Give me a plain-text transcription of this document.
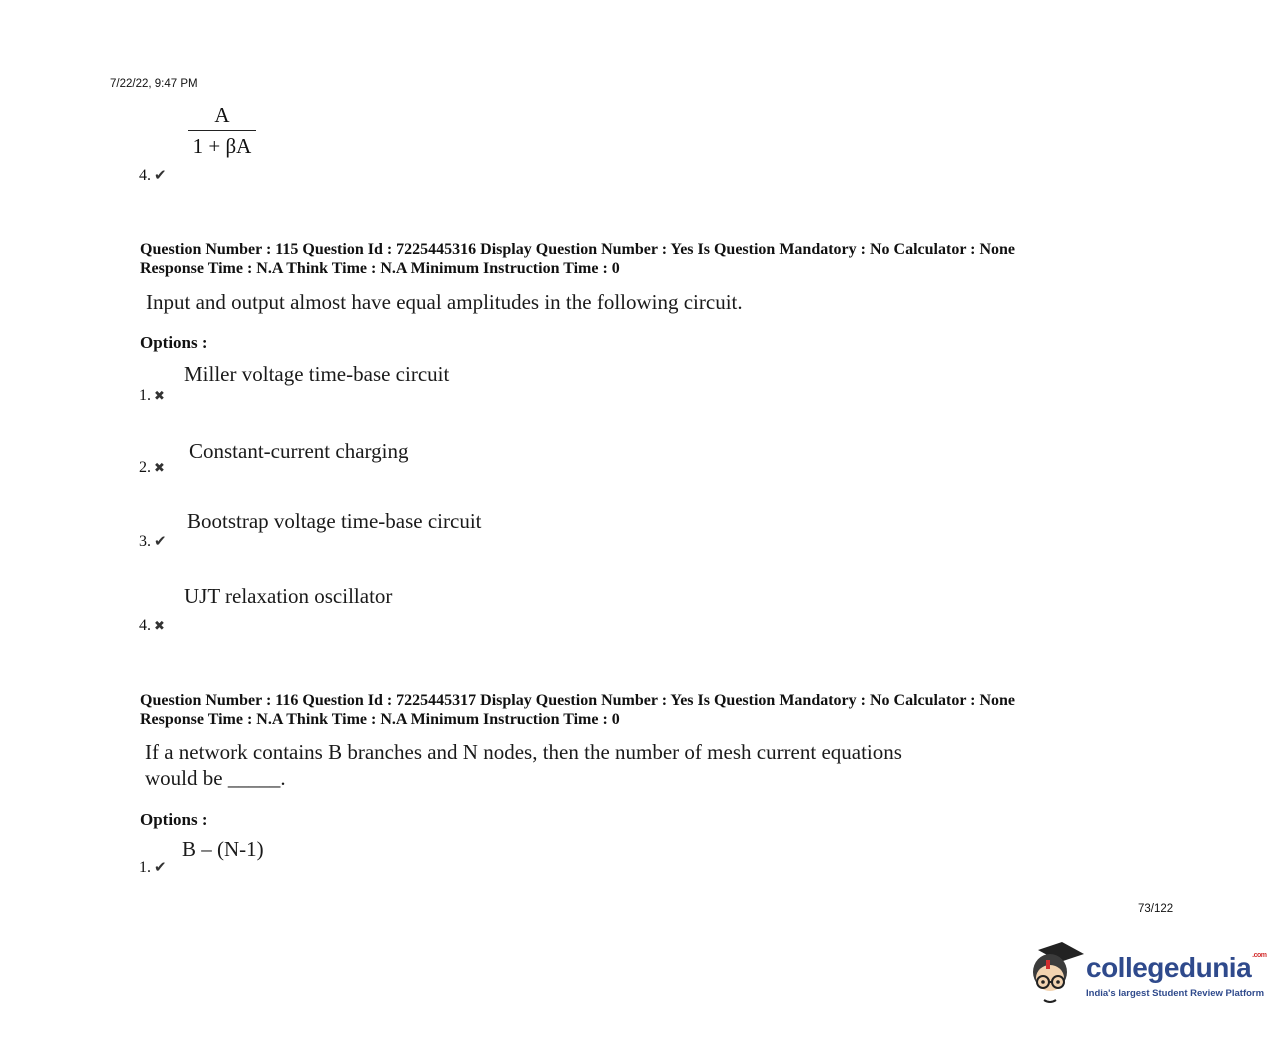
7/22/22, 9:47 PM
A
1 + βA
4. ✔
Question Number : 115 Question Id : 7225445316 Display Question Number : Yes Is Question Mandatory : No Calculator : None
Response Time : N.A Think Time : N.A Minimum Instruction Time : 0
Input and output almost have equal amplitudes in the following circuit.
Options :
Miller voltage time-base circuit
1. ✖
Constant-current charging
2. ✖
Bootstrap voltage time-base circuit
3. ✔
UJT relaxation oscillator
4. ✖
Question Number : 116 Question Id : 7225445317 Display Question Number : Yes Is Question Mandatory : No Calculator : None
Response Time : N.A Think Time : N.A Minimum Instruction Time : 0
If a network contains B branches and N nodes, then the number of mesh current equations
would be _____.
Options :
B – (N-1)
1. ✔
73/122
collegedunia$^{.com}$
India's largest Student Review Platform
